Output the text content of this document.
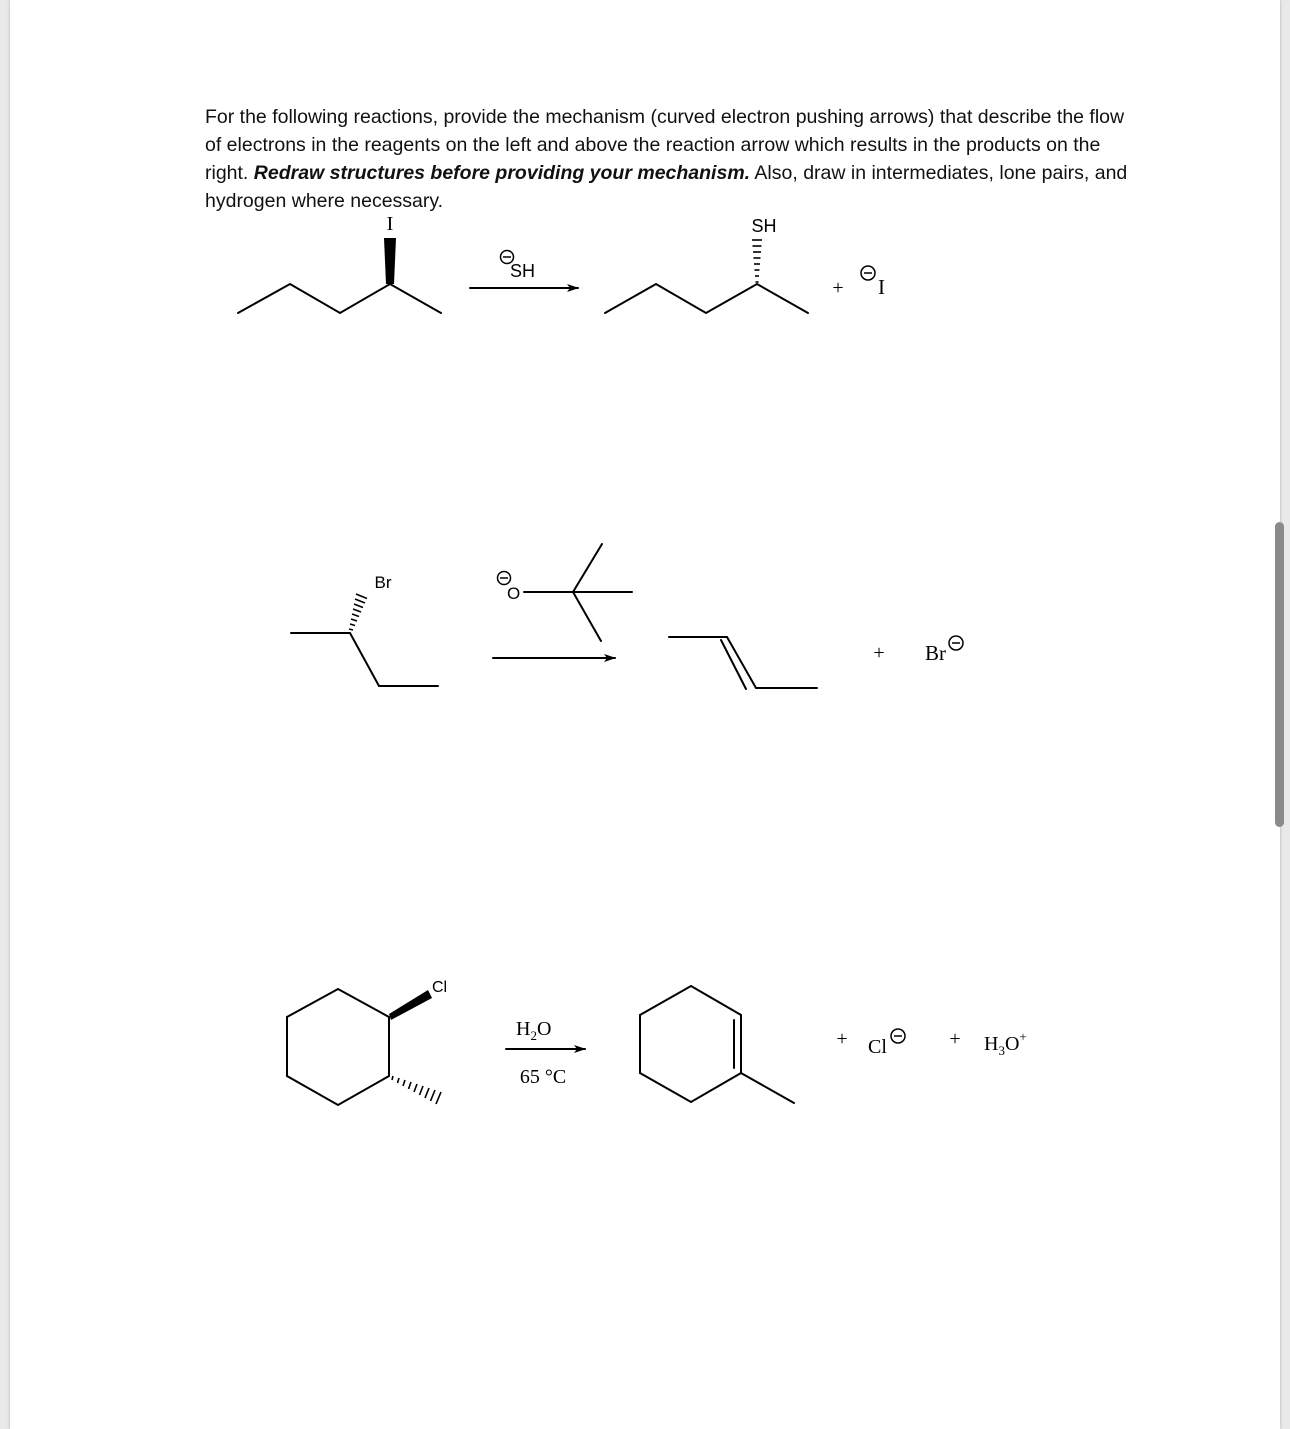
For the following reactions, provide the mechanism (curved electron pushing arrows) that describe the flow of electrons in the reagents on the left and above the reaction arrow which results in the products on the right. Redraw structures before providing your mechanism. Also, draw in intermediates, lone pairs, and hydrogen where necessary.
I
SH
SH
+ I
Br
O
+ Br
Cl
$H_2O$
65 °C
+ Cl	+ $H_3O^+$
